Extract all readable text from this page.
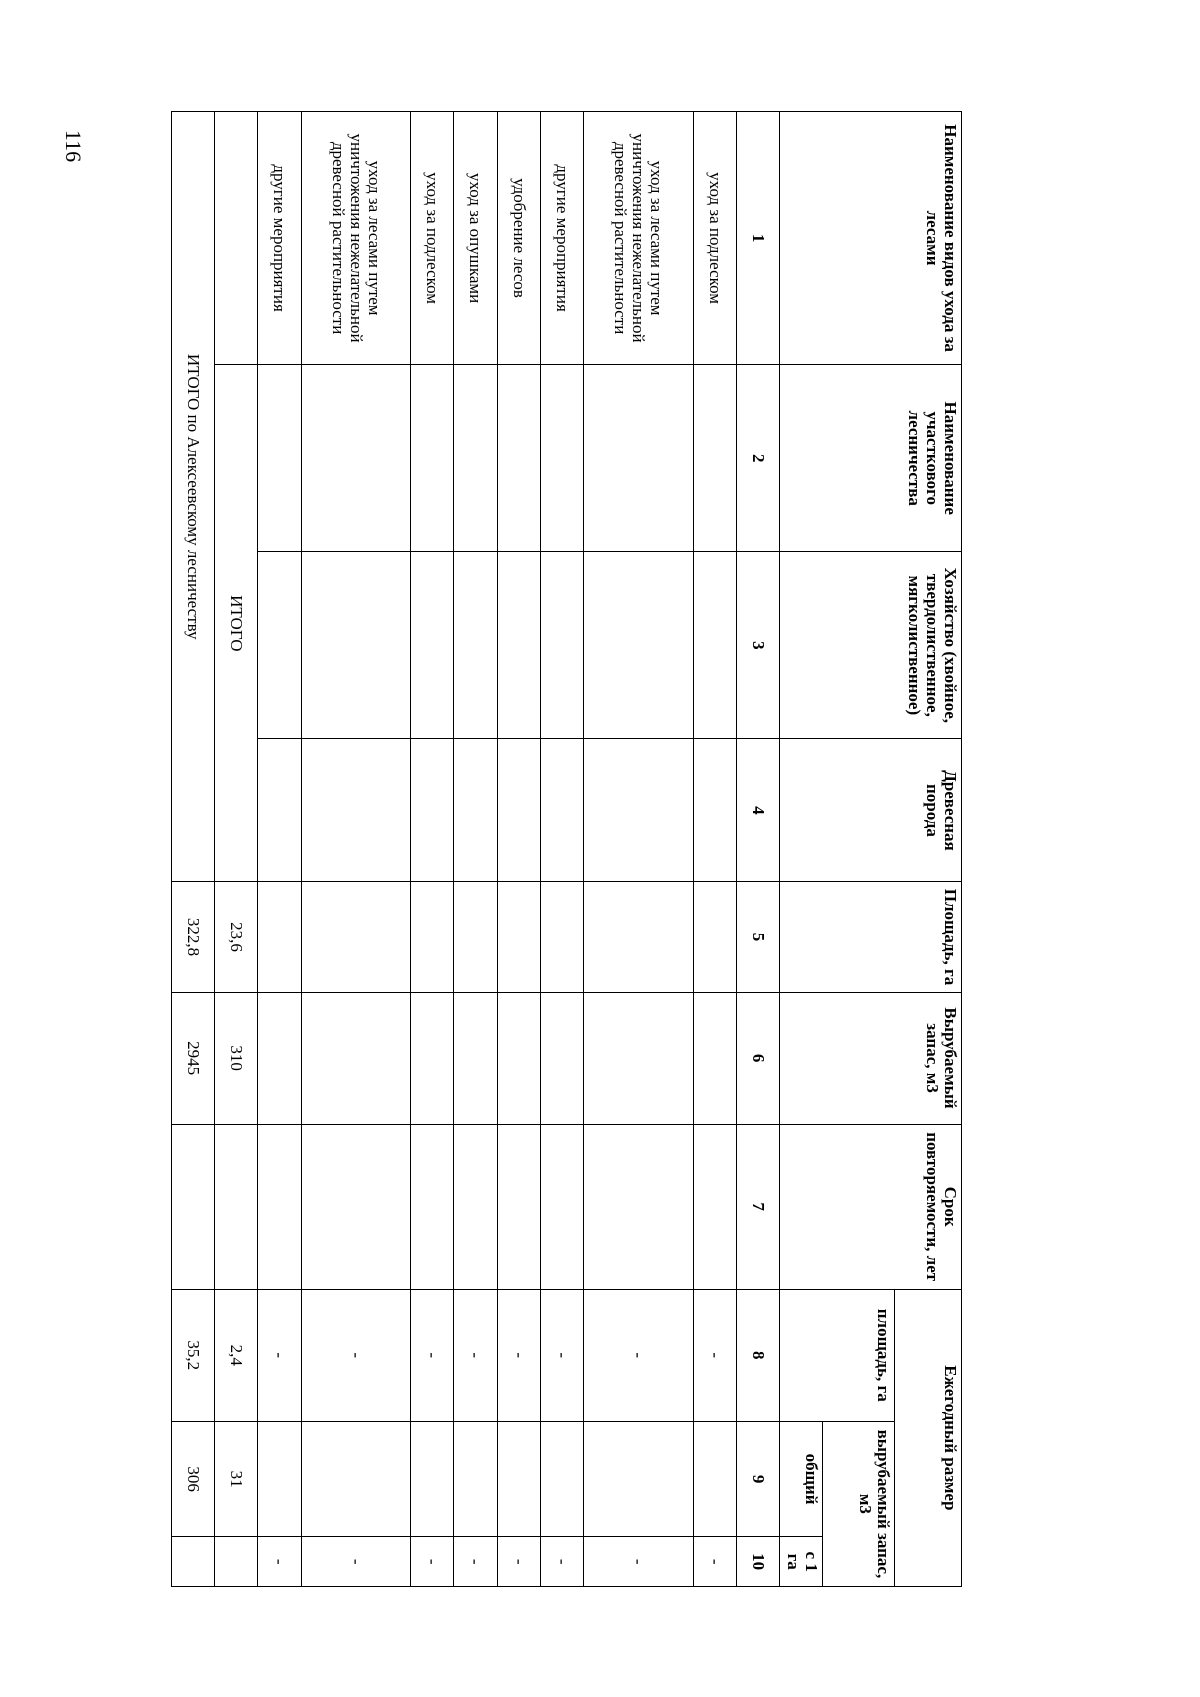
116	Наименование видов ухода за лесами	Наименование участкового лесничества	Хозяйство (хвойное, твердолиственное, мягколиственное)	Древесная порода	Площадь, га	Вырубаемый запас, м3	Срок повторяемости, лет	Ежегодный размер		
							площадь, га	вырубаемый запас, м3	
								общий	с 1 га
1	2	3	4	5	6	7	8	9	10
уход за подлеском							-		-
уход за лесами путем уничтожения нежелательной древесной растительности							-		-
другие мероприятия							-		-
удобрение лесов							-		-
уход за опушками							-		-
уход за подлеском							-		-
уход за лесами путем уничтожения нежелательной древесной растительности							-		-
другие мероприятия							-		-
	ИТОГО			23,6	310		2,4	31	
ИТОГО по Алексеевскому лесничеству				322,8	2945		35,2	306	
